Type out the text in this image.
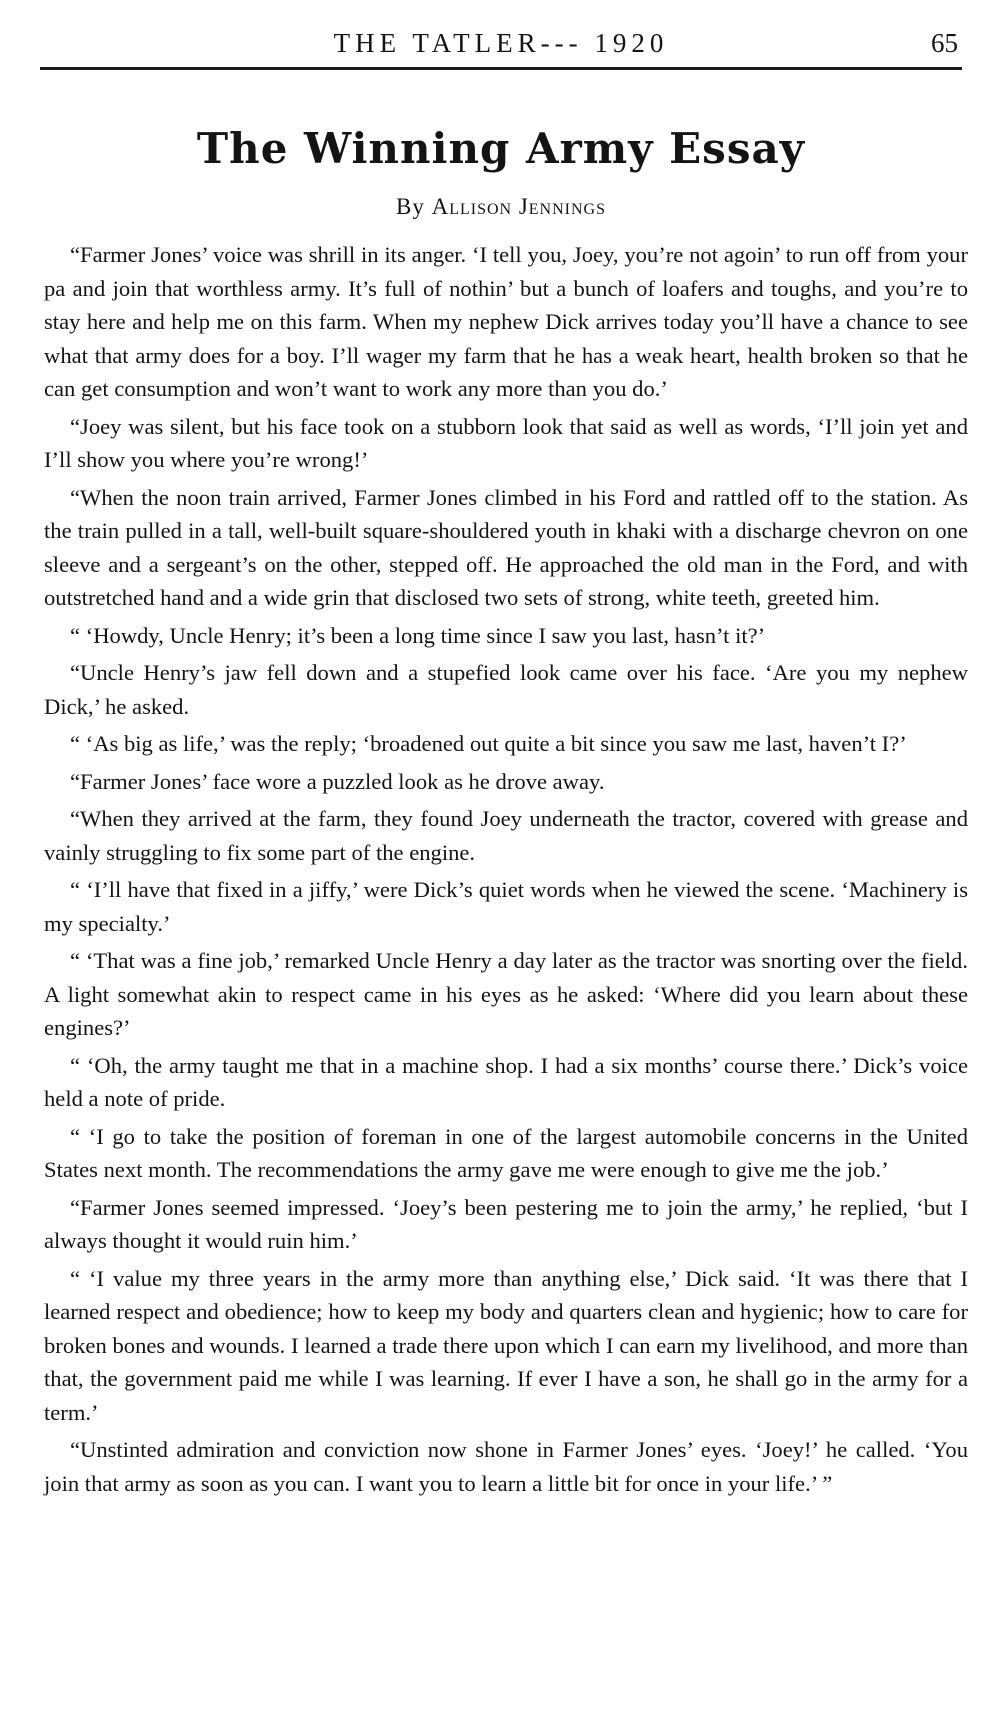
THE TATLER--- 1920	65
The Winning Army Essay
By Allison Jennings

“Farmer Jones’ voice was shrill in its anger. ‘I tell you, Joey, you’re not agoin’ to run off from your pa and join that worthless army. It’s full of nothin’ but a bunch of loafers and toughs, and you’re to stay here and help me on this farm. When my nephew Dick arrives today you’ll have a chance to see what that army does for a boy. I’ll wager my farm that he has a weak heart, health broken so that he can get consumption and won’t want to work any more than you do.’

“Joey was silent, but his face took on a stubborn look that said as well as words, ‘I’ll join yet and I’ll show you where you’re wrong!’

“When the noon train arrived, Farmer Jones climbed in his Ford and rattled off to the station. As the train pulled in a tall, well-built square-shouldered youth in khaki with a discharge chevron on one sleeve and a sergeant’s on the other, stepped off. He approached the old man in the Ford, and with outstretched hand and a wide grin that disclosed two sets of strong, white teeth, greeted him.

“ ‘Howdy, Uncle Henry; it’s been a long time since I saw you last, hasn’t it?’

“Uncle Henry’s jaw fell down and a stupefied look came over his face. ‘Are you my nephew Dick,’ he asked.

“ ‘As big as life,’ was the reply; ‘broadened out quite a bit since you saw me last, haven’t I?’

“Farmer Jones’ face wore a puzzled look as he drove away.

“When they arrived at the farm, they found Joey underneath the tractor, covered with grease and vainly struggling to fix some part of the engine.

“ ‘I’ll have that fixed in a jiffy,’ were Dick’s quiet words when he viewed the scene. ‘Machinery is my specialty.’

“ ‘That was a fine job,’ remarked Uncle Henry a day later as the tractor was snorting over the field. A light somewhat akin to respect came in his eyes as he asked: ‘Where did you learn about these engines?’

“ ‘Oh, the army taught me that in a machine shop. I had a six months’ course there.’ Dick’s voice held a note of pride.

“ ‘I go to take the position of foreman in one of the largest automobile concerns in the United States next month. The recommendations the army gave me were enough to give me the job.’

“Farmer Jones seemed impressed. ‘Joey’s been pestering me to join the army,’ he replied, ‘but I always thought it would ruin him.’

“ ‘I value my three years in the army more than anything else,’ Dick said. ‘It was there that I learned respect and obedience; how to keep my body and quarters clean and hygienic; how to care for broken bones and wounds. I learned a trade there upon which I can earn my livelihood, and more than that, the government paid me while I was learning. If ever I have a son, he shall go in the army for a term.’

“Unstinted admiration and conviction now shone in Farmer Jones’ eyes. ‘Joey!’ he called. ‘You join that army as soon as you can. I want you to learn a little bit for once in your life.’ ”
